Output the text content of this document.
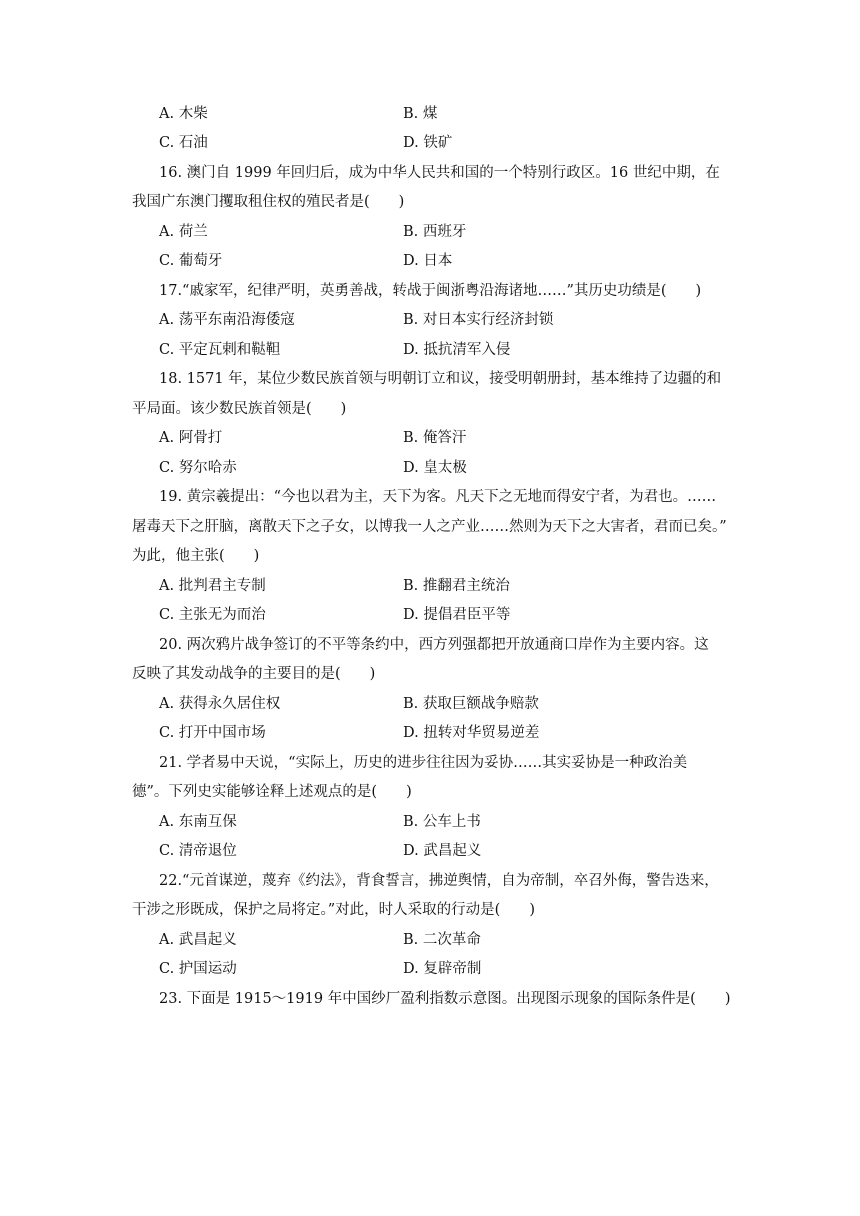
A. 木柴	B. 煤
C. 石油	D. 铁矿
16. 澳门自 1999 年回归后，成为中华人民共和国的一个特别行政区。16 世纪中期，在
我国广东澳门攫取租住权的殖民者是(　　)
A. 荷兰	B. 西班牙
C. 葡萄牙	D. 日本
17.“戚家军，纪律严明，英勇善战，转战于闽浙粤沿海诸地……”其历史功绩是(　　)
A. 荡平东南沿海倭寇	B. 对日本实行经济封锁
C. 平定瓦剌和鞑靼	D. 抵抗清军入侵
18. 1571 年，某位少数民族首领与明朝订立和议，接受明朝册封，基本维持了边疆的和
平局面。该少数民族首领是(　　)
A. 阿骨打	B. 俺答汗
C. 努尔哈赤	D. 皇太极
19. 黄宗羲提出：“今也以君为主，天下为客。凡天下之无地而得安宁者，为君也。……
屠毒天下之肝脑，离散天下之子女，以博我一人之产业……然则为天下之大害者，君而已矣。”
为此，他主张(　　)
A. 批判君主专制	B. 推翻君主统治
C. 主张无为而治	D. 提倡君臣平等
20. 两次鸦片战争签订的不平等条约中，西方列强都把开放通商口岸作为主要内容。这
反映了其发动战争的主要目的是(　　)
A. 获得永久居住权	B. 获取巨额战争赔款
C. 打开中国市场	D. 扭转对华贸易逆差
21. 学者易中天说，“实际上，历史的进步往往因为妥协……其实妥协是一种政治美
德”。下列史实能够诠释上述观点的是(　　)
A. 东南互保	B. 公车上书
C. 清帝退位	D. 武昌起义
22.“元首谋逆，蔑弃《约法》，背食誓言，拂逆舆情，自为帝制，卒召外侮，警告迭来，
干涉之形既成，保护之局将定。”对此，时人采取的行动是(　　)
A. 武昌起义	B. 二次革命
C. 护国运动	D. 复辟帝制
23. 下面是 1915～1919 年中国纱厂盈利指数示意图。出现图示现象的国际条件是(　　)
